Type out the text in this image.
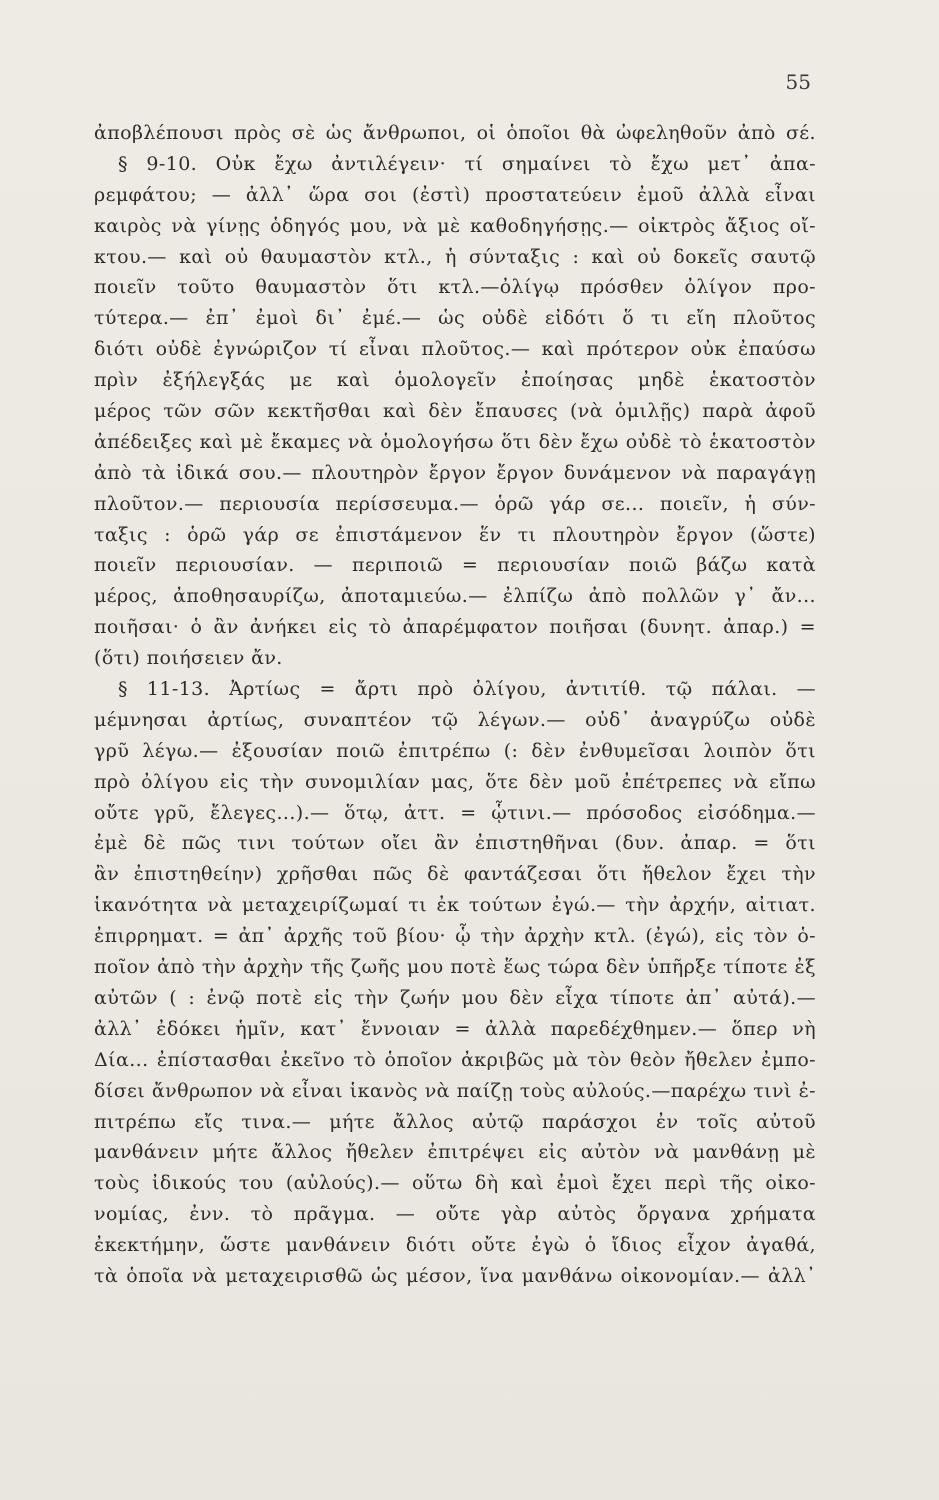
55
ἀποβλέπουσι πρὸς σὲ ὡς ἄνθρωποι, οἱ ὁποῖοι θὰ ὠφεληθοῦν ἀπὸ σέ.
§ 9-10. Οὐκ ἔχω ἀντιλέγειν· τί σημαίνει τὸ ἔχω μετ᾽ ἀπα-
ρεμφάτου; — ἀλλ᾽ ὥρα σοι (ἐστὶ) προστατεύειν ἐμοῦ ἀλλὰ εἶναι
καιρὸς νὰ γίνῃς ὁδηγός μου, νὰ μὲ καθοδηγήσῃς.— οἰκτρὸς ἄξιος οἴ-
κτου.— καὶ οὐ θαυμαστὸν κτλ., ἡ σύνταξις : καὶ οὐ δοκεῖς σαυτῷ
ποιεῖν τοῦτο θαυμαστὸν ὅτι κτλ.—ὀλίγῳ πρόσθεν ὀλίγον προ-
τύτερα.— ἐπ᾽ ἐμοὶ δι᾽ ἐμέ.— ὡς οὐδὲ εἰδότι ὅ τι εἴη πλοῦτος
διότι οὐδὲ ἐγνώριζον τί εἶναι πλοῦτος.— καὶ πρότερον οὐκ ἐπαύσω
πρὶν ἐξήλεγξάς με καὶ ὁμολογεῖν ἐποίησας μηδὲ ἑκατοστὸν
μέρος τῶν σῶν κεκτῆσθαι καὶ δὲν ἔπαυσες (νὰ ὁμιλῇς) παρὰ ἀφοῦ
ἀπέδειξες καὶ μὲ ἔκαμες νὰ ὁμολογήσω ὅτι δὲν ἔχω οὐδὲ τὸ ἑκατοστὸν
ἀπὸ τὰ ἰδικά σου.— πλουτηρὸν ἔργον ἔργον δυνάμενον νὰ παραγάγῃ
πλοῦτον.— περιουσία περίσσευμα.— ὁρῶ γάρ σε... ποιεῖν, ἡ σύν-
ταξις : ὁρῶ γάρ σε ἐπιστάμενον ἕν τι πλουτηρὸν ἔργον (ὥστε)
ποιεῖν περιουσίαν. — περιποιῶ = περιουσίαν ποιῶ βάζω κατὰ
μέρος, ἀποθησαυρίζω, ἀποταμιεύω.— ἐλπίζω ἀπὸ πολλῶν γ᾽ ἄν...
ποιῆσαι· ὁ ἂν ἀνήκει εἰς τὸ ἀπαρέμφατον ποιῆσαι (δυνητ. ἀπαρ.) =
(ὅτι) ποιήσειεν ἄν.
§ 11-13. Ἀρτίως = ἄρτι πρὸ ὀλίγου, ἀντιτίθ. τῷ πάλαι. —
μέμνησαι ἀρτίως, συναπτέον τῷ λέγων.— οὐδ᾽ ἀναγρύζω οὐδὲ
γρῦ λέγω.— ἐξουσίαν ποιῶ ἐπιτρέπω (: δὲν ἐνθυμεῖσαι λοιπὸν ὅτι
πρὸ ὀλίγου εἰς τὴν συνομιλίαν μας, ὅτε δὲν μοῦ ἐπέτρεπες νὰ εἴπω
οὔτε γρῦ, ἔλεγες...).— ὅτῳ, ἀττ. = ᾧτινι.— πρόσοδος εἰσόδημα.—
ἐμὲ δὲ πῶς τινι τούτων οἴει ἂν ἐπιστηθῆναι (δυν. ἀπαρ. = ὅτι
ἂν ἐπιστηθείην) χρῆσθαι πῶς δὲ φαντάζεσαι ὅτι ἤθελον ἔχει τὴν
ἱκανότητα νὰ μεταχειρίζωμαί τι ἐκ τούτων ἐγώ.— τὴν ἀρχήν, αἰτιατ.
ἐπιρρηματ. = ἀπ᾽ ἀρχῆς τοῦ βίου· ᾧ τὴν ἀρχὴν κτλ. (ἐγώ), εἰς τὸν ὁ-
ποῖον ἀπὸ τὴν ἀρχὴν τῆς ζωῆς μου ποτὲ ἕως τώρα δὲν ὑπῆρξε τίποτε ἐξ
αὐτῶν ( : ἐνῷ ποτὲ εἰς τὴν ζωήν μου δὲν εἶχα τίποτε ἀπ᾽ αὐτά).—
ἀλλ᾽ ἐδόκει ἡμῖν, κατ᾽ ἔννοιαν = ἀλλὰ παρεδέχθημεν.— ὅπερ νὴ
Δία... ἐπίστασθαι ἐκεῖνο τὸ ὁποῖον ἀκριβῶς μὰ τὸν θεὸν ἤθελεν ἐμπο-
δίσει ἄνθρωπον νὰ εἶναι ἱκανὸς νὰ παίζῃ τοὺς αὐλούς.—παρέχω τινὶ ἐ-
πιτρέπω εἴς τινα.— μήτε ἄλλος αὐτῷ παράσχοι ἐν τοῖς αὐτοῦ
μανθάνειν μήτε ἄλλος ἤθελεν ἐπιτρέψει εἰς αὐτὸν νὰ μανθάνῃ μὲ
τοὺς ἰδικούς του (αὐλούς).— οὕτω δὴ καὶ ἐμοὶ ἔχει περὶ τῆς οἰκο-
νομίας, ἐνν. τὸ πρᾶγμα. — οὔτε γὰρ αὐτὸς ὄργανα χρήματα
ἐκεκτήμην, ὥστε μανθάνειν διότι οὔτε ἐγὼ ὁ ἴδιος εἶχον ἀγαθά,
τὰ ὁποῖα νὰ μεταχειρισθῶ ὡς μέσον, ἵνα μανθάνω οἰκονομίαν.— ἀλλ᾽
